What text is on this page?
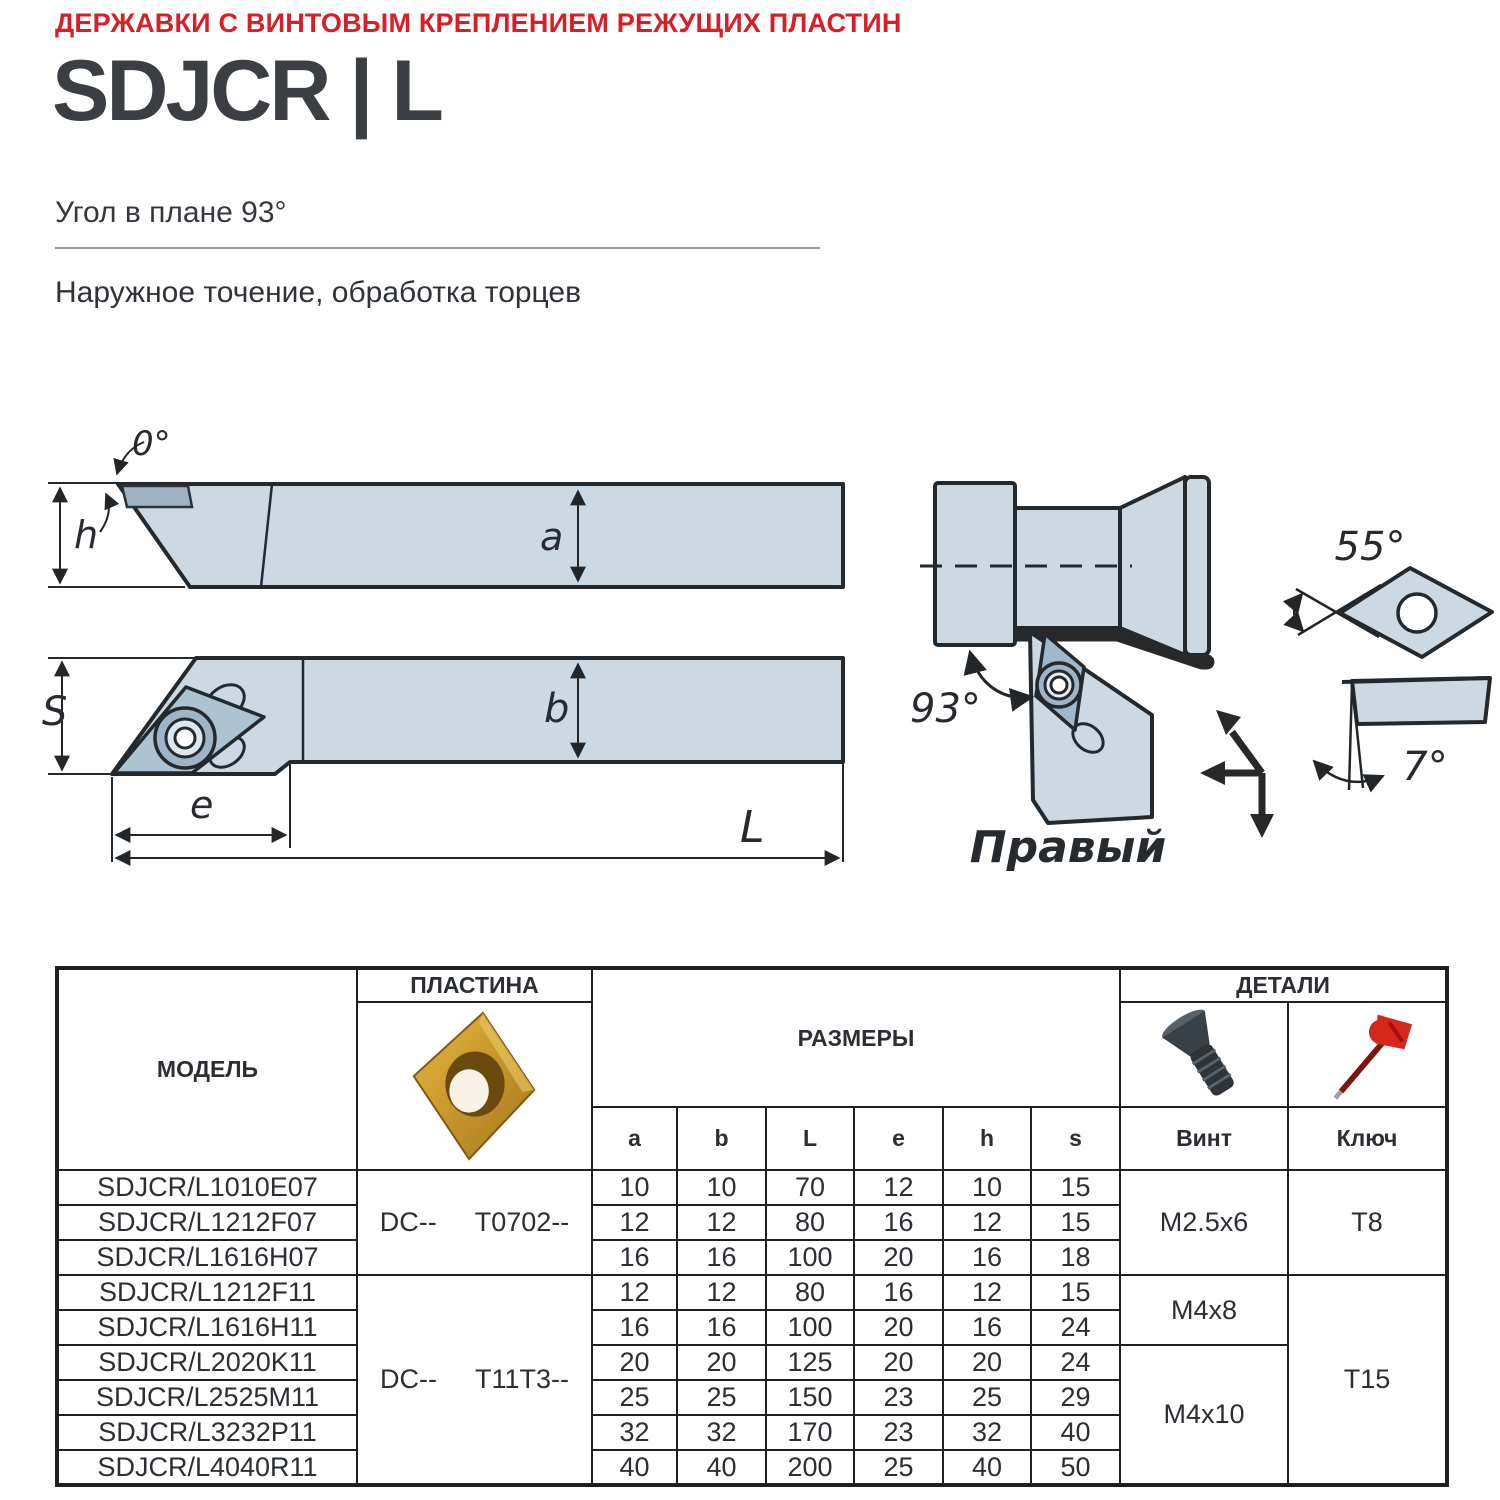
ДЕРЖАВКИ С ВИНТОВЫМ КРЕПЛЕНИЕМ РЕЖУЩИХ ПЛАСТИН
SDJCR | L
Угол в плане 93°
Наружное точение, обработка торцев
h	a
0°
S	b
e	L
93°
Правый
55°
7°
МОДЕЛЬ	ПЛАСТИНА	РАЗМЕРЫ						ДЕТАЛИ	

		a	b	L	e	h	s	Винт	Ключ
SDJCR/L1010E07	DC-- T0702--	10	10	70	12	10	15	M2.5x6	T8
SDJCR/L1212F07		12	12	80	16	12	15		
SDJCR/L1616H07		16	16	100	20	16	18		
SDJCR/L1212F11	DC-- T11T3--	12	12	80	16	12	15	M4x8	T15
SDJCR/L1616H11		16	16	100	20	16	24		
SDJCR/L2020K11		20	20	125	20	20	24	M4x10	
SDJCR/L2525M11		25	25	150	23	25	29		
SDJCR/L3232P11		32	32	170	23	32	40		
SDJCR/L4040R11		40	40	200	25	40	50		
